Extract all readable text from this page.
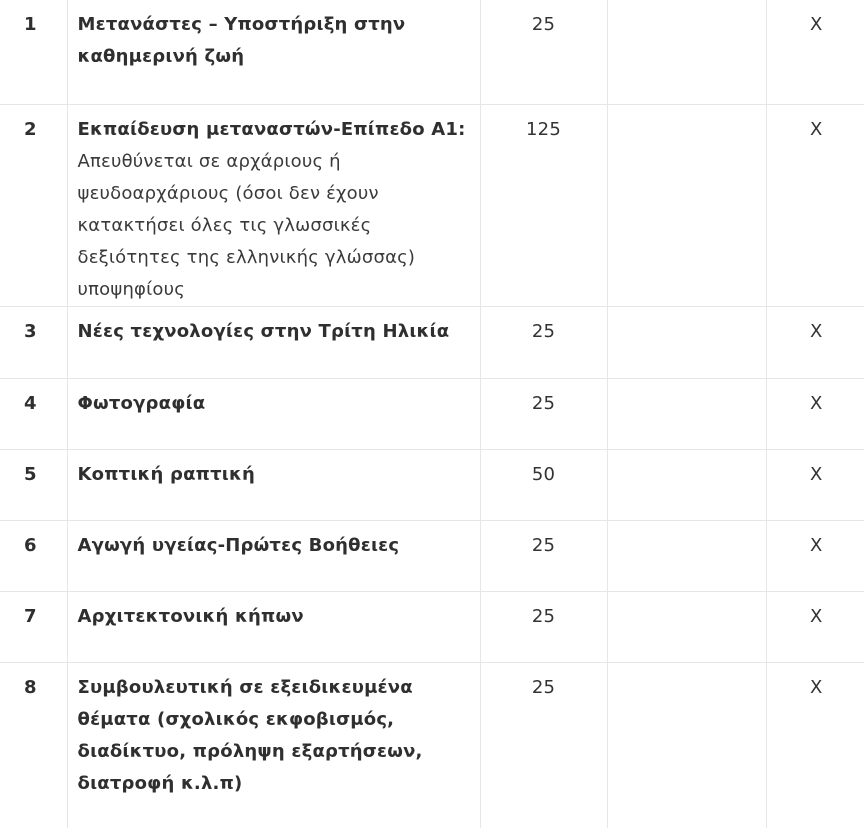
1	Μετανάστες – Υποστήριξη στην καθημερινή ζωή	25		Χ
2	Εκπαίδευση μεταναστών-Επίπεδο Α1:
Απευθύνεται σε αρχάριους ή ψευδοαρχάριους (όσοι δεν έχουν κατακτήσει όλες τις γλωσσικές δεξιότητες της ελληνικής γλώσσας) υποψηφίους	125		Χ
3	Νέες τεχνολογίες στην Τρίτη Ηλικία	25		Χ
4	Φωτογραφία	25		Χ
5	Κοπτική ραπτική	50		Χ
6	Αγωγή υγείας-Πρώτες Βοήθειες	25		Χ
7	Αρχιτεκτονική κήπων	25		Χ
8	Συμβουλευτική σε εξειδικευμένα θέματα (σχολικός εκφοβισμός, διαδίκτυο, πρόληψη εξαρτήσεων, διατροφή κ.λ.π)	25		Χ
